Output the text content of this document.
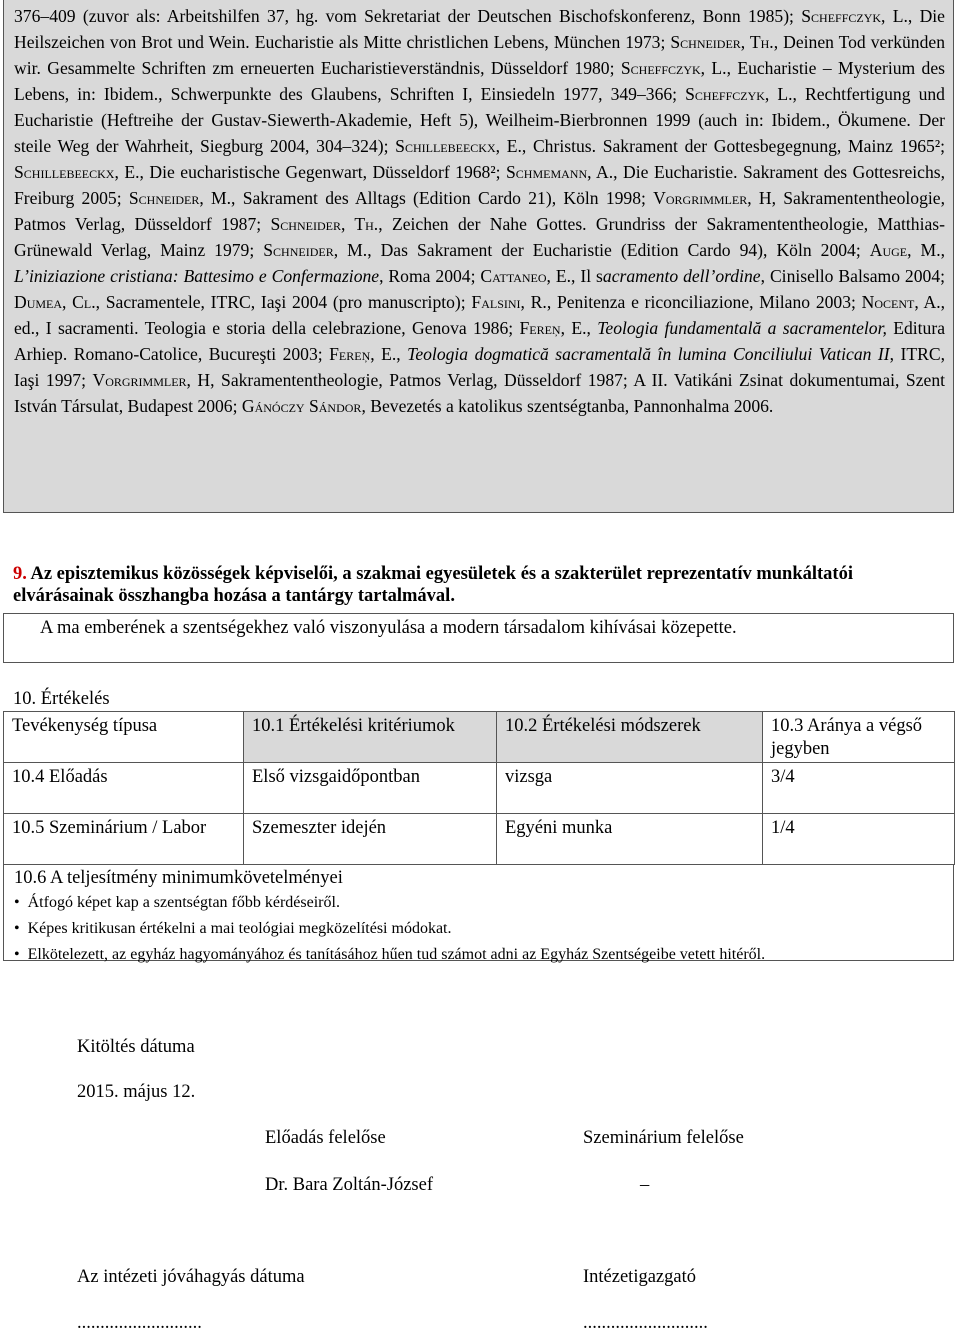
376–409 (zuvor als: Arbeitshilfen 37, hg. vom Sekretariat der Deutschen Bischofskonferenz, Bonn 1985); Scheffczyk, L., Die Heilszeichen von Brot und Wein. Eucharistie als Mitte christlichen Lebens, München 1973; Schneider, Th., Deinen Tod verkünden wir. Gesammelte Schriften zm erneuerten Eucharistieverständnis, Düsseldorf 1980; Scheffczyk, L., Eucharistie – Mysterium des Lebens, in: Ibidem., Schwerpunkte des Glaubens, Schriften I, Einsiedeln 1977, 349–366; Scheffczyk, L., Rechtfertigung und Eucharistie (Heftreihe der Gustav-Siewerth-Akademie, Heft 5), Weilheim-Bierbronnen 1999 (auch in: Ibidem., Ökumene. Der steile Weg der Wahrheit, Siegburg 2004, 304–324); Schillebeeckx, E., Christus. Sakrament der Gottesbegegnung, Mainz 1965²; Schillebeeckx, E., Die eucharistische Gegenwart, Düsseldorf 1968²; Schmemann, A., Die Eucharistie. Sakrament des Gottesreichs, Freiburg 2005; Schneider, M., Sakrament des Alltags (Edition Cardo 21), Köln 1998; Vorgrimmler, H, Sakramententheologie, Patmos Verlag, Düsseldorf 1987; Schneider, Th., Zeichen der Nahe Gottes. Grundriss der Sakramententheologie, Matthias-Grünewald Verlag, Mainz 1979; Schneider, M., Das Sakrament der Eucharistie (Edition Cardo 94), Köln 2004; Auge, M., L’iniziazione cristiana: Battesimo e Confermazione, Roma 2004; Cattaneo, E., Il sacramento dell’ordine, Cinisello Balsamo 2004; Dumea, Cl., Sacramentele, ITRC, Iaşi 2004 (pro manuscripto); Falsini, R., Penitenza e riconciliazione, Milano 2003; Nocent, A., ed., I sacramenti. Teologia e storia della celebrazione, Genova 1986; Fereņ, E., Teologia fundamentală a sacramentelor, Editura Arhiep. Romano-Catolice, Bucureşti 2003; Fereņ, E., Teologia dogmatică sacramentală în lumina Conciliului Vatican II, ITRC, Iaşi 1997; Vorgrimmler, H, Sakramententheologie, Patmos Verlag, Düsseldorf 1987; A II. Vatikáni Zsinat dokumentumai, Szent István Társulat, Budapest 2006; Gánóczy Sándor, Bevezetés a katolikus szentségtanba, Pannonhalma 2006.
9. Az episztemikus közösségek képviselői, a szakmai egyesületek és a szakterület reprezentatív munkáltatói elvárásainak összhangba hozása a tantárgy tartalmával.
A ma emberének a szentségekhez való viszonyulása a modern társadalom kihívásai közepette.
10. Értékelés
Tevékenység típusa	10.1 Értékelési kritériumok	10.2 Értékelési módszerek	10.3 Aránya a végső jegyben
10.4 Előadás	Első vizsgaidőpontban	vizsga	3/4
10.5 Szeminárium / Labor	Szemeszter idején	Egyéni munka	1/4
10.6 A teljesítmény minimumkövetelményei
• Átfogó képet kap a szentségtan főbb kérdéseiről.
• Képes kritikusan értékelni a mai teológiai megközelítési módokat.
• Elkötelezett, az egyház hagyományához és tanításához hűen tud számot adni az Egyház Szentségeibe vetett hitéről.
Kitöltés dátuma
2015. május 12.
Előadás felelőse	Szeminárium felelőse
Dr. Bara Zoltán-József	–
Az intézeti jóváhagyás dátuma	Intézetigazgató
...........................	...........................
